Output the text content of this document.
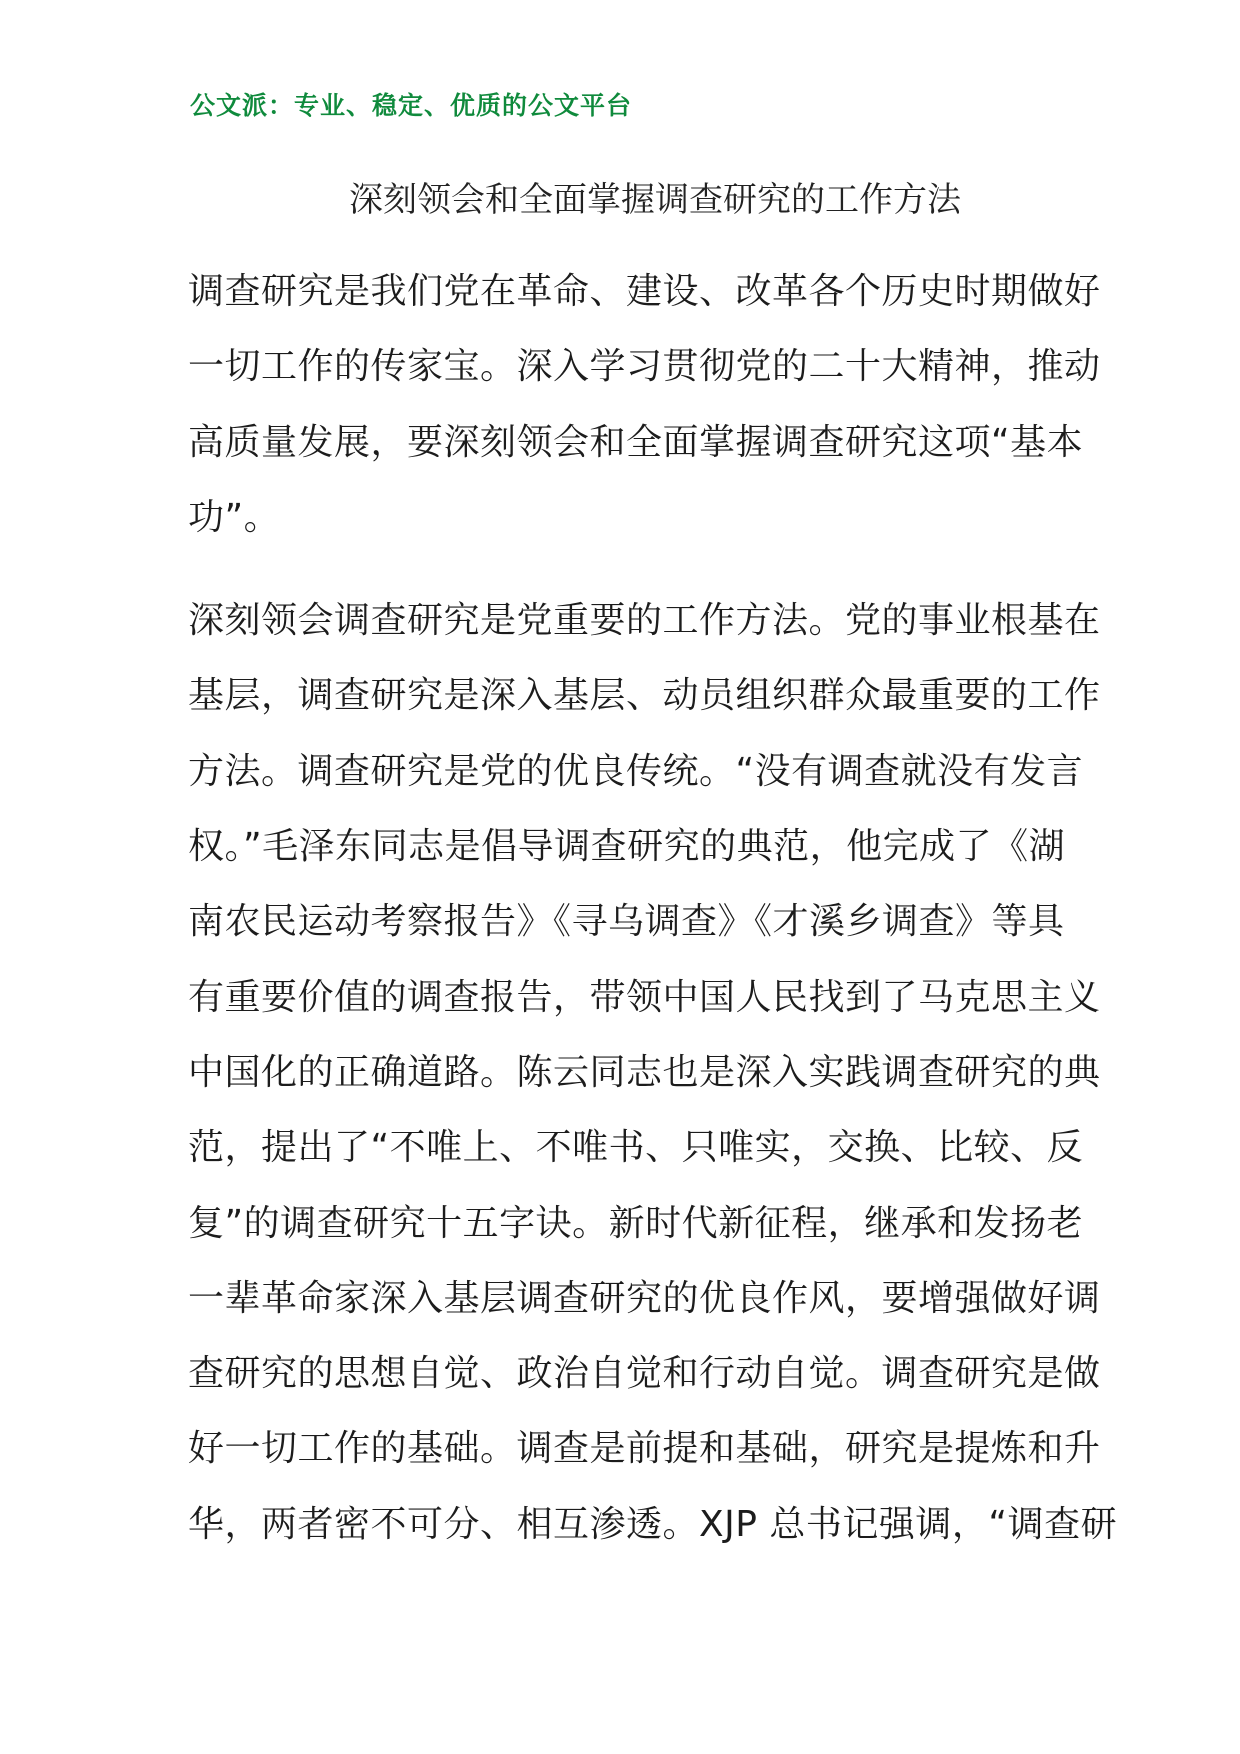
公文派：专业、稳定、优质的公文平台
深刻领会和全面掌握调查研究的工作方法
调查研究是我们党在革命、建设、改革各个历史时期做好
一切工作的传家宝。深入学习贯彻党的二十大精神，推动
高质量发展，要深刻领会和全面掌握调查研究这项“基本
功”。
深刻领会调查研究是党重要的工作方法。党的事业根基在
基层，调查研究是深入基层、动员组织群众最重要的工作
方法。调查研究是党的优良传统。“没有调查就没有发言
权。”毛泽东同志是倡导调查研究的典范，他完成了《湖
南农民运动考察报告》《寻乌调查》《才溪乡调查》等具
有重要价值的调查报告，带领中国人民找到了马克思主义
中国化的正确道路。陈云同志也是深入实践调查研究的典
范，提出了“不唯上、不唯书、只唯实，交换、比较、反
复”的调查研究十五字诀。新时代新征程，继承和发扬老
一辈革命家深入基层调查研究的优良作风，要增强做好调
查研究的思想自觉、政治自觉和行动自觉。调查研究是做
好一切工作的基础。调查是前提和基础，研究是提炼和升
华，两者密不可分、相互渗透。XJP 总书记强调，“调查研
